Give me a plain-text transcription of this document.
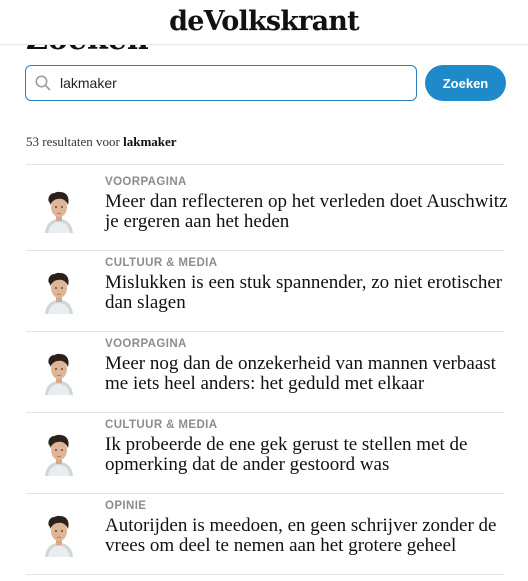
deVolkskrant
lakmaker
Zoeken
53 resultaten voor lakmaker
VOORPAGINA
Meer dan reflecteren op het verleden doet Auschwitz je ergeren aan het heden
CULTUUR & MEDIA
Mislukken is een stuk spannender, zo niet erotischer dan slagen
VOORPAGINA
Meer nog dan de onzekerheid van mannen verbaast me iets heel anders: het geduld met elkaar
CULTUUR & MEDIA
Ik probeerde de ene gek gerust te stellen met de opmerking dat de ander gestoord was
OPINIE
Autorijden is meedoen, en geen schrijver zonder de vrees om deel te nemen aan het grotere geheel
